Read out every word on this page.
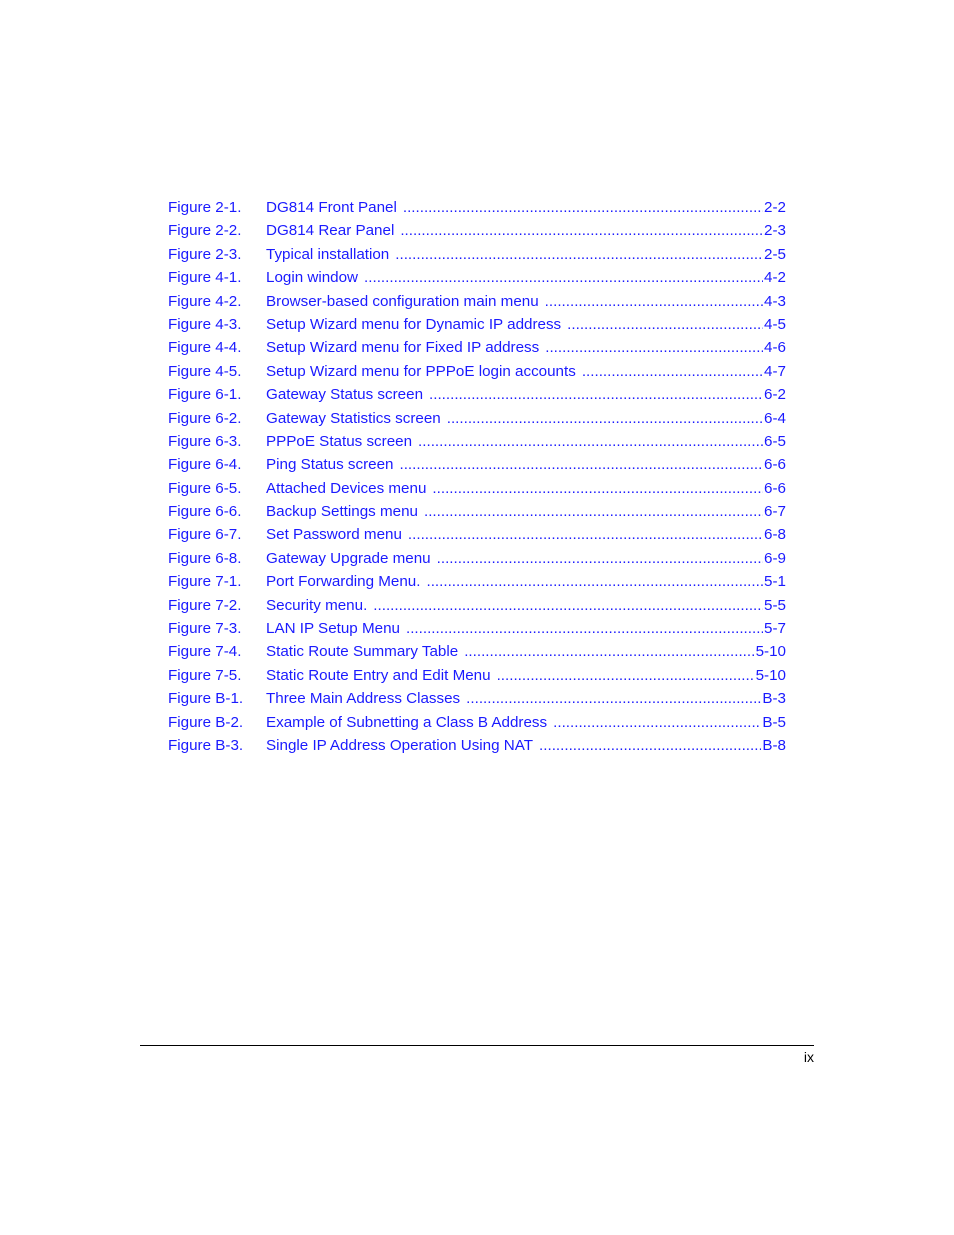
Figure 2-1.	DG814 Front Panel .....	2-2
Figure 2-2.	DG814 Rear Panel .....	2-3
Figure 2-3.	Typical installation .....	2-5
Figure 4-1.	Login window .....	4-2
Figure 4-2.	Browser-based configuration main menu .....	4-3
Figure 4-3.	Setup Wizard menu for Dynamic IP address .....	4-5
Figure 4-4.	Setup Wizard menu for Fixed IP address .....	4-6
Figure 4-5.	Setup Wizard menu for PPPoE login accounts .....	4-7
Figure 6-1.	Gateway Status screen .....	6-2
Figure 6-2.	Gateway Statistics screen .....	6-4
Figure 6-3.	PPPoE Status screen .....	6-5
Figure 6-4.	Ping Status screen .....	6-6
Figure 6-5.	Attached Devices menu .....	6-6
Figure 6-6.	Backup Settings menu .....	6-7
Figure 6-7.	Set Password menu .....	6-8
Figure 6-8.	Gateway Upgrade menu .....	6-9
Figure 7-1.	Port Forwarding Menu. .....	5-1
Figure 7-2.	Security menu. .....	5-5
Figure 7-3.	LAN IP Setup Menu .....	5-7
Figure 7-4.	Static Route Summary Table .....	5-10
Figure 7-5.	Static Route Entry and Edit Menu .....	5-10
Figure B-1.	Three Main Address Classes .....	B-3
Figure B-2.	Example of Subnetting a Class B Address .....	B-5
Figure B-3.	Single IP Address Operation Using NAT .....	B-8
ix
